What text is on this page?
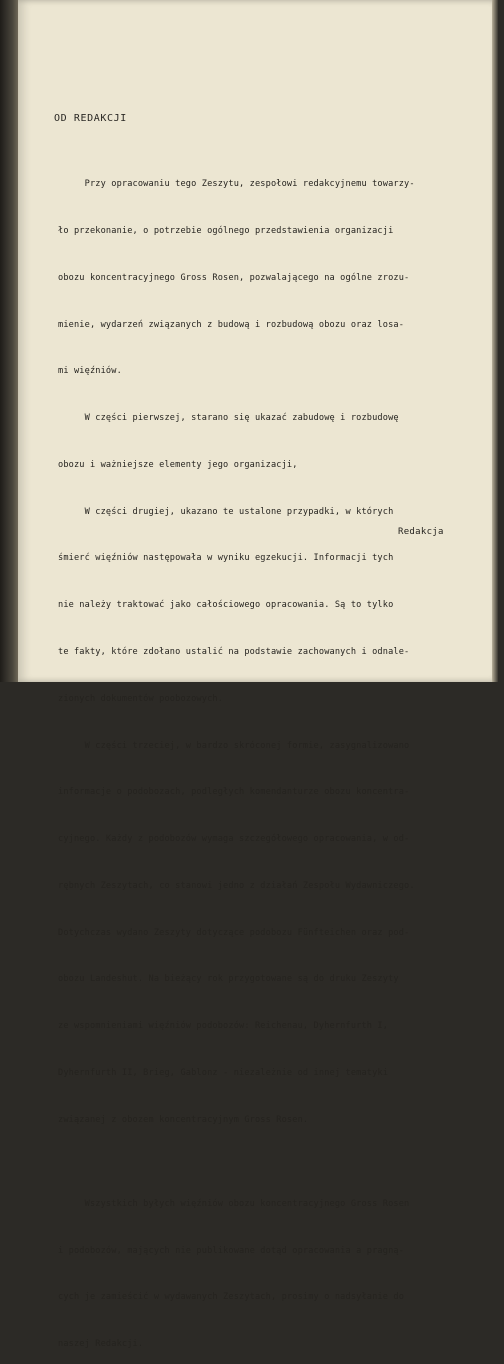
OD REDAKCJI

Przy opracowaniu tego Zeszytu, zespołowi redakcyjnemu towarzy-

ło przekonanie, o potrzebie ogólnego przedstawienia organizacji

obozu koncentracyjnego Gross Rosen, pozwalającego na ogólne zrozu-

mienie, wydarzeń związanych z budową i rozbudową obozu oraz losa-

mi więźniów.

W części pierwszej, starano się ukazać zabudowę i rozbudowę

obozu i ważniejsze elementy jego organizacji,

W części drugiej, ukazano te ustalone przypadki, w których

śmierć więźniów następowała w wyniku egzekucji. Informacji tych

nie należy traktować jako całościowego opracowania. Są to tylko

te fakty, które zdołano ustalić na podstawie zachowanych i odnale-

zionych dokumentów poobozowych.

W części trzeciej, w bardzo skróconej formie, zasygnalizowano

informacje o podobozach, podległych komendanturze obozu koncentra-

cyjnego. Każdy z podobozów wymaga szczegółowego opracowania, w od-

rębnych Zeszytach, co stanowi jedno z działań Zespołu Wydawniczego.

Dotychczas wydano Zeszyty dotyczące podobozu Fünfteichen oraz pod-

obozu Landeshut. Na bieżący rok przygotowane są do druku Zeszyty

ze wspomnieniami więźniów podobozów: Reichenau, Dyhernfurth I,

Dyhernfurth II, Brieg, Gablonz - niezależnie od innej tematyki

związanej z obozem koncentracyjnym Gross Rosen.

Wszystkich byłych więźniów obozu koncentracyjnego Gross Rosen

i podobozów, mających nie publikowane dotąd opracowania a pragną-

cych je zamieścić w wydawanych Zeszytach, prosimy o nadsyłanie do

naszej Redakcji.

Redakcja
